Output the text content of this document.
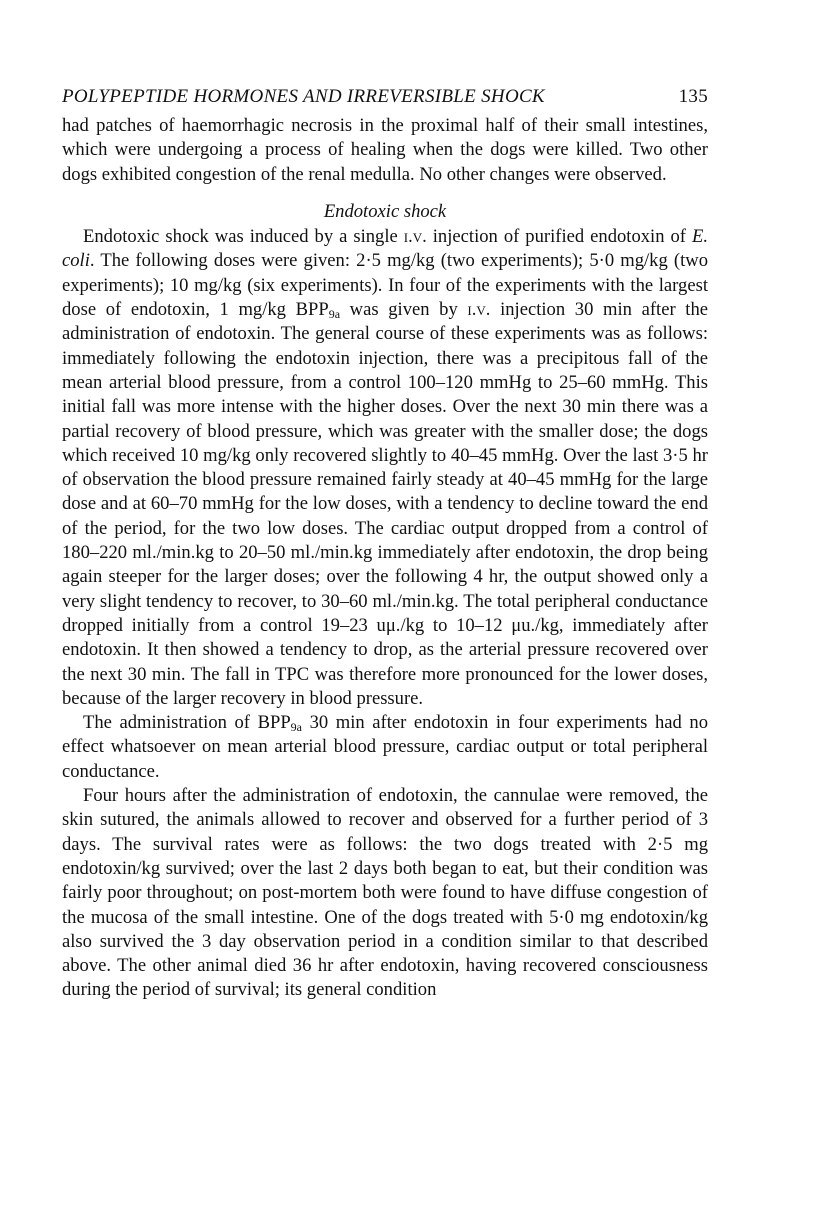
POLYPEPTIDE HORMONES AND IRREVERSIBLE SHOCK	135

had patches of haemorrhagic necrosis in the proximal half of their small intestines, which were undergoing a process of healing when the dogs were killed. Two other dogs exhibited congestion of the renal medulla. No other changes were observed.

Endotoxic shock

Endotoxic shock was induced by a single i.v. injection of purified endotoxin of E. coli. The following doses were given: 2·5 mg/kg (two experiments); 5·0 mg/kg (two experiments); 10 mg/kg (six experiments). In four of the experiments with the largest dose of endotoxin, 1 mg/kg $BPP_{9a}$ was given by i.v. injection 30 min after the administration of endotoxin. The general course of these experiments was as follows: immediately following the endotoxin injection, there was a precipitous fall of the mean arterial blood pressure, from a control 100–120 mmHg to 25–60 mmHg. This initial fall was more intense with the higher doses. Over the next 30 min there was a partial recovery of blood pressure, which was greater with the smaller dose; the dogs which received 10 mg/kg only recovered slightly to 40–45 mmHg. Over the last 3·5 hr of observation the blood pressure remained fairly steady at 40–45 mmHg for the large dose and at 60–70 mmHg for the low doses, with a tendency to decline toward the end of the period, for the two low doses. The cardiac output dropped from a control of 180–220 ml./min.kg to 20–50 ml./min.kg immediately after endotoxin, the drop being again steeper for the larger doses; over the following 4 hr, the output showed only a very slight tendency to recover, to 30–60 ml./min.kg. The total peripheral conductance dropped initially from a control 19–23 uμ./kg to 10–12 μu./kg, immediately after endotoxin. It then showed a tendency to drop, as the arterial pressure recovered over the next 30 min. The fall in TPC was therefore more pronounced for the lower doses, because of the larger recovery in blood pressure.

The administration of $BPP_{9a}$ 30 min after endotoxin in four experiments had no effect whatsoever on mean arterial blood pressure, cardiac output or total peripheral conductance.

Four hours after the administration of endotoxin, the cannulae were removed, the skin sutured, the animals allowed to recover and observed for a further period of 3 days. The survival rates were as follows: the two dogs treated with 2·5 mg endotoxin/kg survived; over the last 2 days both began to eat, but their condition was fairly poor throughout; on post-mortem both were found to have diffuse congestion of the mucosa of the small intestine. One of the dogs treated with 5·0 mg endotoxin/kg also survived the 3 day observation period in a condition similar to that described above. The other animal died 36 hr after endotoxin, having recovered consciousness during the period of survival; its general condition
